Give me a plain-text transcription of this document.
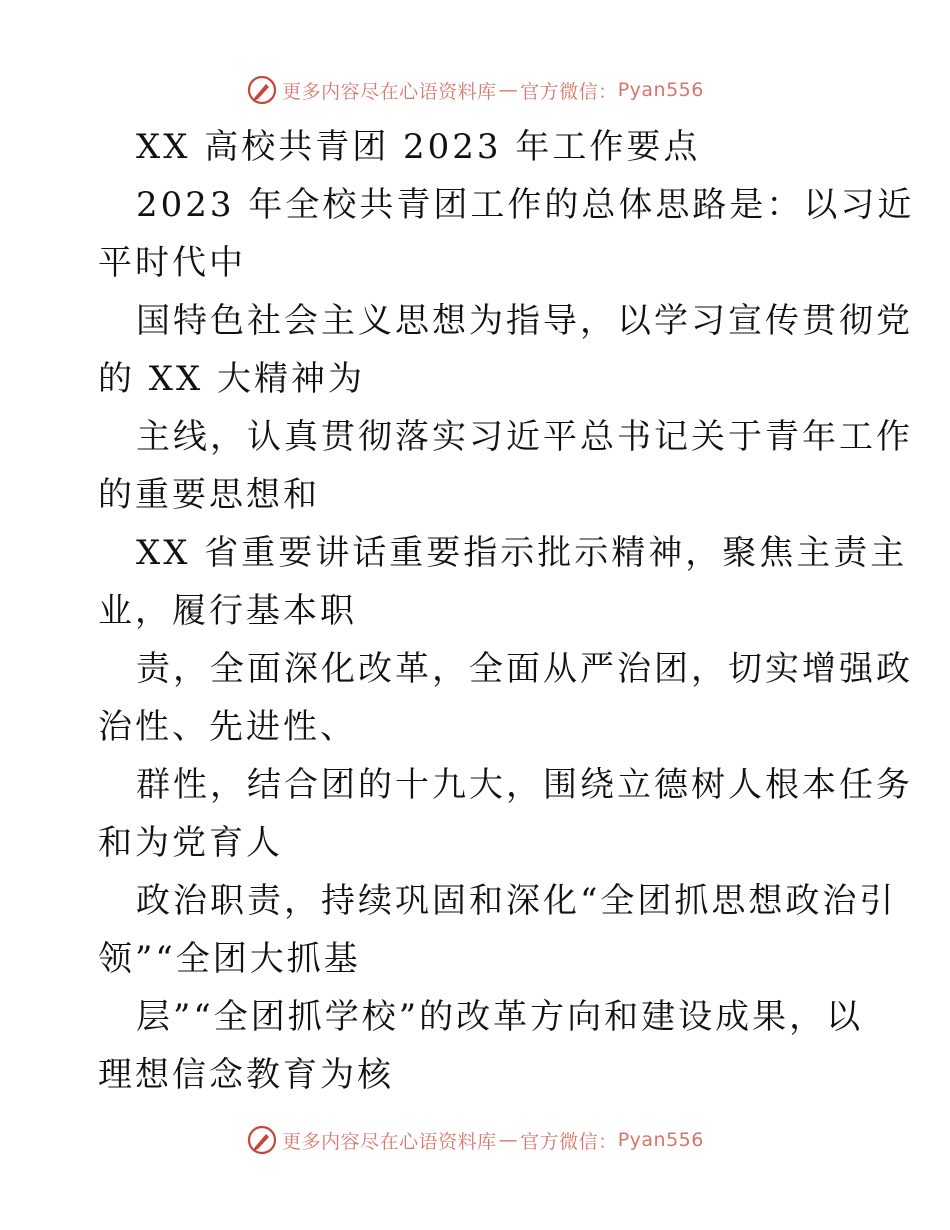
更多内容尽在心语资料库 — 官方微信： Pyan556
XX 高校共青团 2023 年工作要点
2023 年全校共青团工作的总体思路是：以习近
平时代中
国特色社会主义思想为指导，以学习宣传贯彻党
的 XX 大精神为
主线，认真贯彻落实习近平总书记关于青年工作
的重要思想和
XX 省重要讲话重要指示批示精神，聚焦主责主
业，履行基本职
责，全面深化改革，全面从严治团，切实增强政
治性、先进性、
群性，结合团的十九大，围绕立德树人根本任务
和为党育人
政治职责，持续巩固和深化“全团抓思想政治引
领”“全团大抓基
层”“全团抓学校”的改革方向和建设成果，以
理想信念教育为核
更多内容尽在心语资料库 — 官方微信： Pyan556
